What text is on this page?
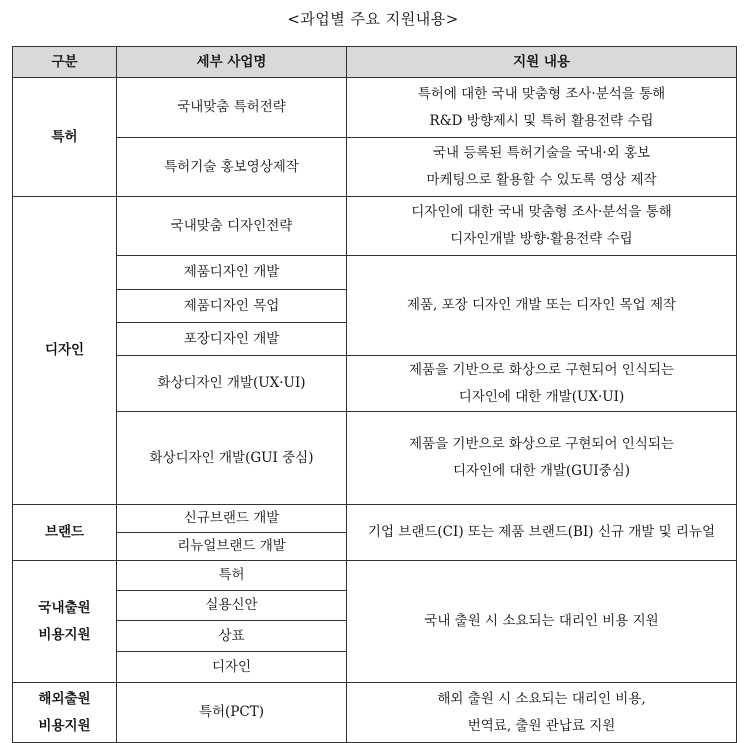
<과업별 주요 지원내용>
구분	세부 사업명	지원 내용
특허	국내맞춤 특허전략	특허에 대한 국내 맞춤형 조사·분석을 통해
R&D 방향제시 및 특허 활용전략 수립

	특허기술 홍보영상제작	국내 등록된 특허기술을 국내·외 홍보
마케팅으로 활용할 수 있도록 영상 제작

디자인	국내맞춤 디자인전략	디자인에 대한 국내 맞춤형 조사·분석을 통해
디자인개발 방향·활용전략 수립

	제품디자인 개발	제품, 포장 디자인 개발 또는 디자인 목업 제작
	제품디자인 목업	
	포장디자인 개발	
	화상디자인 개발(UX·UI)	제품을 기반으로 화상으로 구현되어 인식되는
디자인에 대한 개발(UX·UI)

	화상디자인 개발(GUI 중심)	제품을 기반으로 화상으로 구현되어 인식되는
디자인에 대한 개발(GUI중심)

브랜드	신규브랜드 개발	기업 브랜드(CI) 또는 제품 브랜드(BI) 신규 개발 및 리뉴얼
	리뉴얼브랜드 개발	

국내출원
비용지원	특허	국내 출원 시 소요되는 대리인 비용 지원
	실용신안	
	상표	
	디자인	

해외출원
비용지원	특허(PCT)	해외 출원 시 소요되는 대리인 비용,
번역료, 출원 관납료 지원
